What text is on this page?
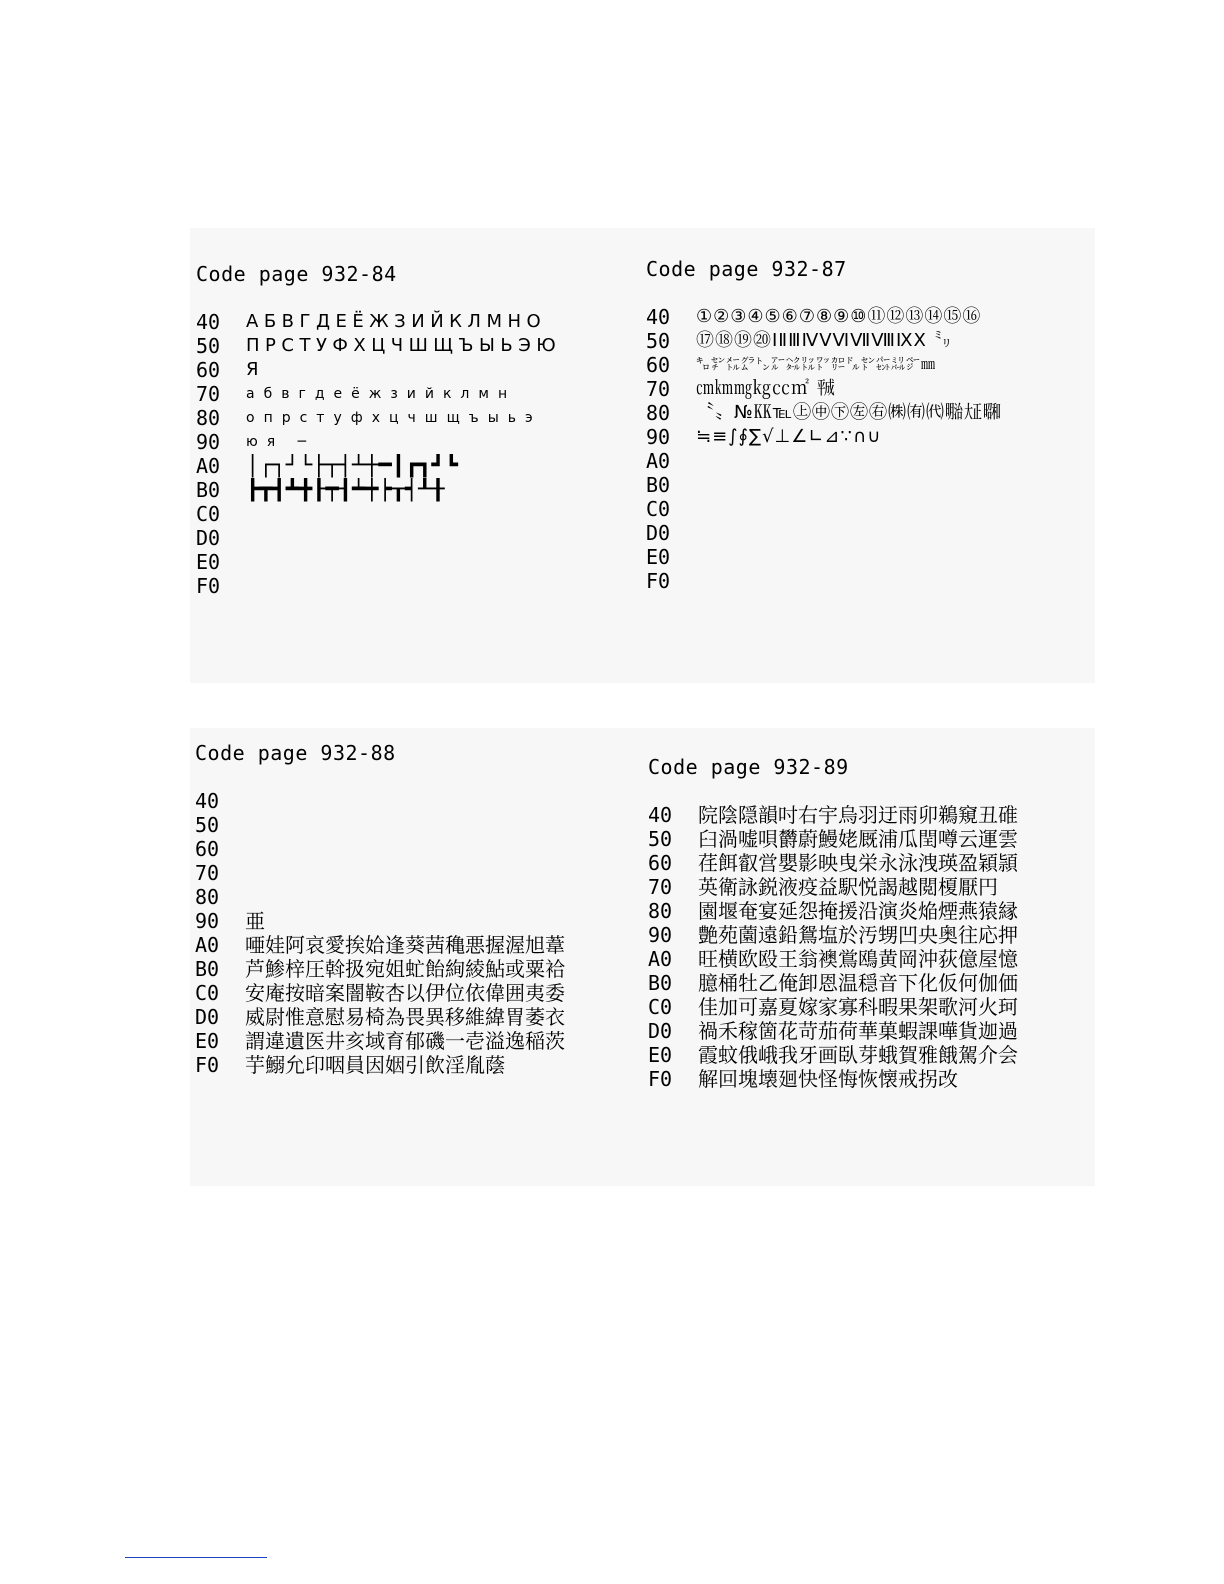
Code page 932-84
40 АБВГДЕЁЖЗИЙКЛМНО
50 ПРСТУФХЦЧШЩЪЫЬЭЮ
60 Я
70 абвгдеёжзийклмн
80 опрстуфхцчшщъыьэ
90 юя ─
A0 │┌┐┘└├┬┤┴┼━┃┏┓┛┗
B0 ┣┳┫┻╋┠┯┨┷┿┝┰┥┸╂
C0
D0
E0
F0
Code page 932-87
40 ①②③④⑤⑥⑦⑧⑨⑩⑪⑫⑬⑭⑮⑯
50 ⑰⑱⑲⑳ⅠⅡⅢⅣⅤⅥⅦⅧⅨⅩ ㍉
60 ㌔㌢㍍㌘㌧㌃㌶㍑㍗㌍㌦㌣㌫㍊㌻㎜
70 ㎝㎞㎎㎏㏄㎡ ㍻
80 〝〟№㏍℡㊤㊥㊦㊧㊨㈱㈲㈹㍾㍽㍼
90 ≒≡∫∮∑√⊥∠∟⊿∵∩∪
A0
B0
C0
D0
E0
F0
Code page 932-88
40
50
60
70
80
90 亜
A0 唖娃阿哀愛挨姶逢葵茜穐悪握渥旭葦
B0 芦鯵梓圧斡扱宛姐虻飴絢綾鮎或粟袷
C0 安庵按暗案闇鞍杏以伊位依偉囲夷委
D0 威尉惟意慰易椅為畏異移維緯胃萎衣
E0 謂違遺医井亥域育郁磯一壱溢逸稲茨
F0 芋鰯允印咽員因姻引飲淫胤蔭
Code page 932-89
40 院陰隠韻吋右宇烏羽迂雨卯鵜窺丑碓
50 臼渦嘘唄欝蔚鰻姥厩浦瓜閏噂云運雲
60 荏餌叡営嬰影映曳栄永泳洩瑛盈穎頴
70 英衛詠鋭液疫益駅悦謁越閲榎厭円
80 園堰奄宴延怨掩援沿演炎焔煙燕猿縁
90 艶苑薗遠鉛鴛塩於汚甥凹央奥往応押
A0 旺横欧殴王翁襖鴬鴎黄岡沖荻億屋憶
B0 臆桶牡乙俺卸恩温穏音下化仮何伽価
C0 佳加可嘉夏嫁家寡科暇果架歌河火珂
D0 禍禾稼箇花苛茄荷華菓蝦課嘩貨迦過
E0 霞蚊俄峨我牙画臥芽蛾賀雅餓駕介会
F0 解回塊壊廻快怪悔恢懐戒拐改
